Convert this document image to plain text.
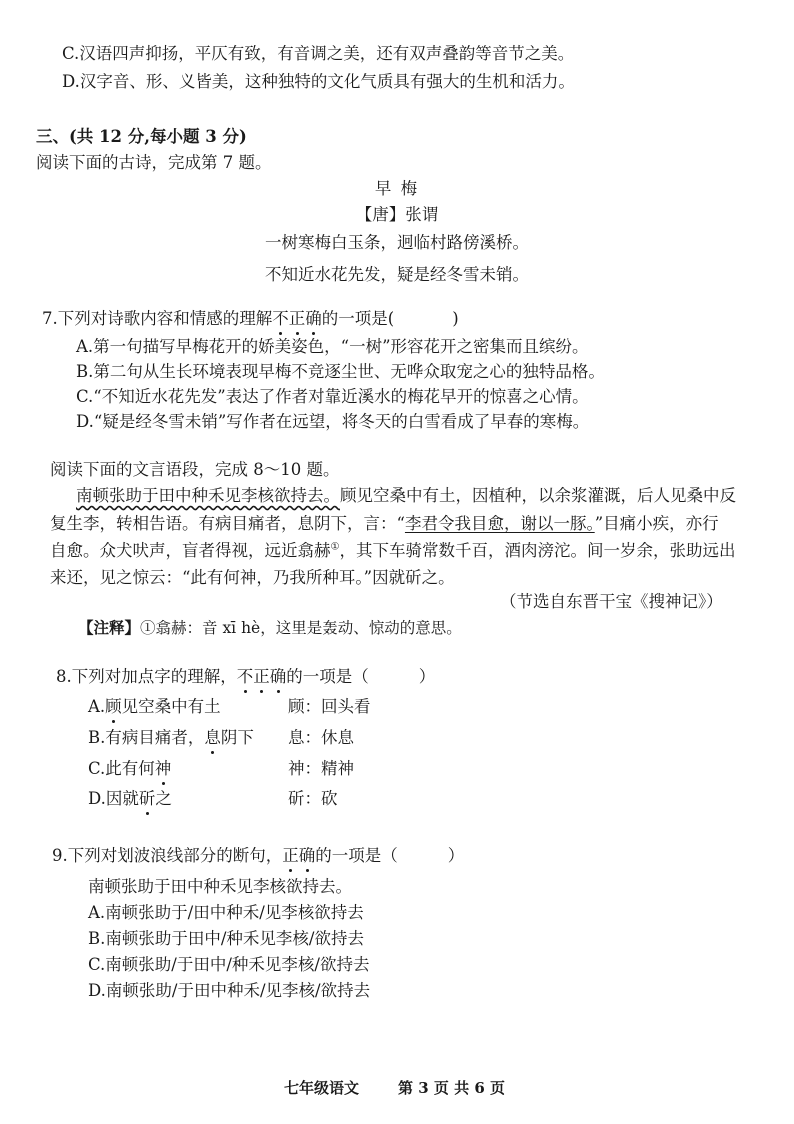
C.汉语四声抑扬，平仄有致，有音调之美，还有双声叠韵等音节之美。
D.汉字音、形、义皆美，这种独特的文化气质具有强大的生机和活力。
三、(共 12 分,每小题 3 分)
阅读下面的古诗，完成第 7 题。
早 梅
【唐】张谓
一树寒梅白玉条，迥临村路傍溪桥。
不知近水花先发，疑是经冬雪未销。
7.下列对诗歌内容和情感的理解不正确的一项是(	)
A.第一句描写早梅花开的娇美姿色，“一树”形容花开之密集而且缤纷。
B.第二句从生长环境表现早梅不竞逐尘世、无哗众取宠之心的独特品格。
C.“不知近水花先发”表达了作者对靠近溪水的梅花早开的惊喜之心情。
D.“疑是经冬雪未销”写作者在远望，将冬天的白雪看成了早春的寒梅。
阅读下面的文言语段，完成 8～10 题。
南顿张助于田中种禾见李核欲持去。顾见空桑中有土，因植种，以余浆灌溉，后人见桑中反
复生李，转相告语。有病目痛者，息阴下，言：“李君令我目愈，谢以一豚。”目痛小疾，亦行
自愈。众犬吠声，盲者得视，远近翕赫①，其下车骑常数千百，酒肉滂沱。间一岁余，张助远出
来还，见之惊云：“此有何神，乃我所种耳。”因就斫之。
（节选自东晋干宝《搜神记》）
【注释】①翕赫：音 xī hè，这里是轰动、惊动的意思。
8.下列对加点字的理解，不正确的一项是（	）
A.顾见空桑中有土	顾：回头看
B.有病目痛者，息阴下 息：休息
C.此有何神	神：精神
D.因就斫之	斫：砍
9.下列对划波浪线部分的断句，正确的一项是（	）
南顿张助于田中种禾见李核欲持去。
A.南顿张助于/田中种禾/见李核欲持去
B.南顿张助于田中/种禾见李核/欲持去
C.南顿张助/于田中/种禾见李核/欲持去
D.南顿张助/于田中种禾/见李核/欲持去
七年级语文	第 3 页 共 6 页
